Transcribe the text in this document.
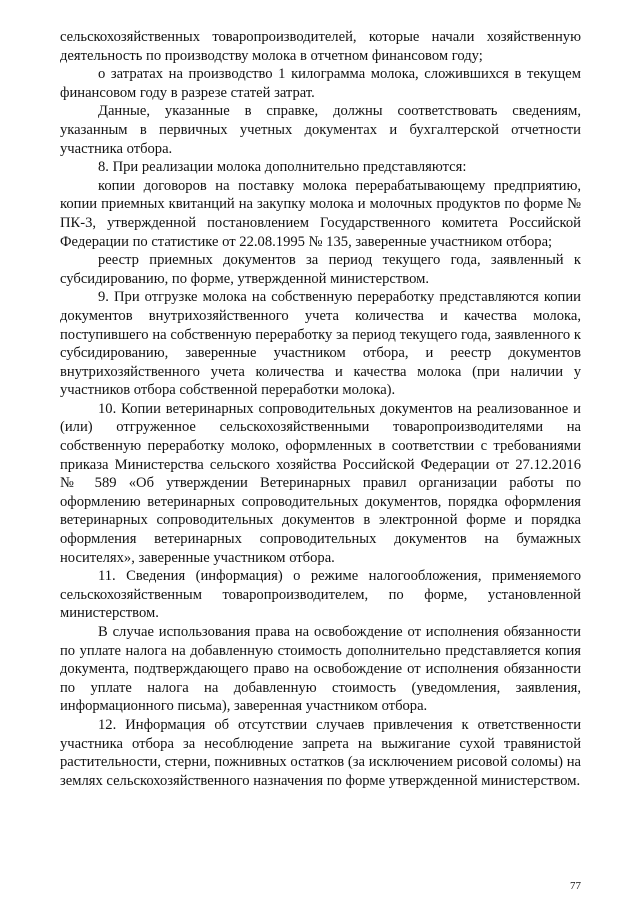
сельскохозяйственных товаропроизводителей, которые начали хозяйственную деятельность по производству молока в отчетном финансовом году;

о затратах на производство 1 килограмма молока, сложившихся в текущем финансовом году в разрезе статей затрат.

Данные, указанные в справке, должны соответствовать сведениям, указанным в первичных учетных документах и бухгалтерской отчетности участника отбора.

8. При реализации молока дополнительно представляются:

копии договоров на поставку молока перерабатывающему предприятию, копии приемных квитанций на закупку молока и молочных продуктов по форме № ПК-3, утвержденной постановлением Государственного комитета Российской Федерации по статистике от 22.08.1995 № 135, заверенные участником отбора;

реестр приемных документов за период текущего года, заявленный к субсидированию, по форме, утвержденной министерством.

9. При отгрузке молока на собственную переработку представляются копии документов внутрихозяйственного учета количества и качества молока, поступившего на собственную переработку за период текущего года, заявленного к субсидированию, заверенные участником отбора, и реестр документов внутрихозяйственного учета количества и качества молока (при наличии у участников отбора собственной переработки молока).

10. Копии ветеринарных сопроводительных документов на реализованное и (или) отгруженное сельскохозяйственными товаропроизводителями на собственную переработку молоко, оформленных в соответствии с требованиями приказа Министерства сельского хозяйства Российской Федерации от 27.12.2016 № 589 «Об утверждении Ветеринарных правил организации работы по оформлению ветеринарных сопроводительных документов, порядка оформления ветеринарных сопроводительных документов в электронной форме и порядка оформления ветеринарных сопроводительных документов на бумажных носителях», заверенные участником отбора.

11. Сведения (информация) о режиме налогообложения, применяемого сельскохозяйственным товаропроизводителем, по форме, установленной министерством.

В случае использования права на освобождение от исполнения обязанности по уплате налога на добавленную стоимость дополнительно представляется копия документа, подтверждающего право на освобождение от исполнения обязанности по уплате налога на добавленную стоимость (уведомления, заявления, информационного письма), заверенная участником отбора.

12. Информация об отсутствии случаев привлечения к ответственности участника отбора за несоблюдение запрета на выжигание сухой травянистой растительности, стерни, пожнивных остатков (за исключением рисовой соломы) на землях сельскохозяйственного назначения по форме утвержденной министерством.

77
